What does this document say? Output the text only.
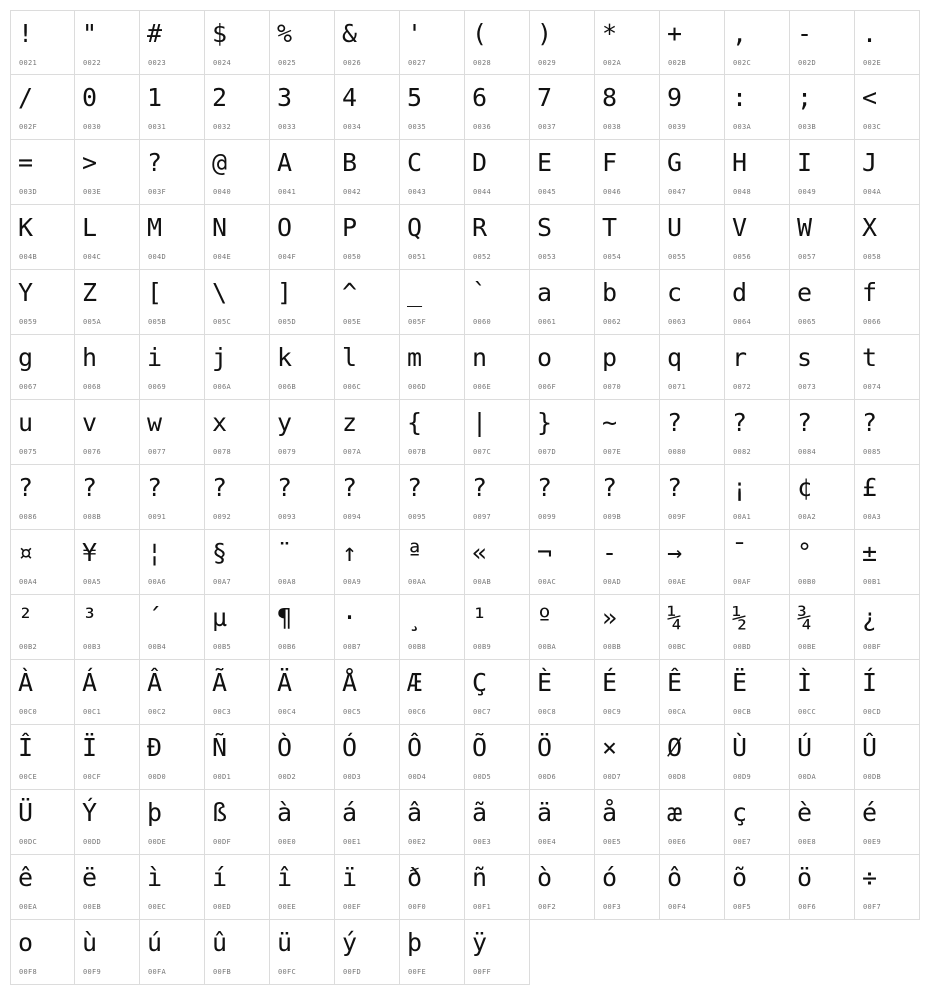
!
0021
"
0022
#
0023
$
0024
%
0025
&
0026
'
0027
(
0028
)
0029
*
002A
+
002B
,
002C
-
002D
.
002E
/
002F
0
0030
1
0031
2
0032
3
0033
4
0034
5
0035
6
0036
7
0037
8
0038
9
0039
:
003A
;
003B
<
003C
=
003D
>
003E
?
003F
@
0040
A
0041
B
0042
C
0043
D
0044
E
0045
F
0046
G
0047
H
0048
I
0049
J
004A
K
004B
L
004C
M
004D
N
004E
O
004F
P
0050
Q
0051
R
0052
S
0053
T
0054
U
0055
V
0056
W
0057
X
0058
Y
0059
Z
005A
[
005B
\
005C
]
005D
^
005E
_
005F
`
0060
a
0061
b
0062
c
0063
d
0064
e
0065
f
0066
g
0067
h
0068
i
0069
j
006A
k
006B
l
006C
m
006D
n
006E
o
006F
p
0070
q
0071
r
0072
s
0073
t
0074
u
0075
v
0076
w
0077
x
0078
y
0079
z
007A
{
007B
|
007C
}
007D
~
007E
?
0080
?
0082
?
0084
?
0085
?
0086
?
008B
?
0091
?
0092
?
0093
?
0094
?
0095
?
0097
?
0099
?
009B
?
009F
¡
00A1
¢
00A2
£
00A3
¤
00A4
¥
00A5
¦
00A6
§
00A7
¨
00A8
↑
00A9
ª
00AA
«
00AB
¬
00AC
-
00AD
→
00AE
¯
00AF
°
00B0
±
00B1
²
00B2
³
00B3
´
00B4
µ
00B5
¶
00B6
·
00B7
¸
00B8
¹
00B9
º
00BA
»
00BB
¼
00BC
½
00BD
¾
00BE
¿
00BF
À
00C0
Á
00C1
Â
00C2
Ã
00C3
Ä
00C4
Å
00C5
Æ
00C6
Ç
00C7
È
00C8
É
00C9
Ê
00CA
Ë
00CB
Ì
00CC
Í
00CD
Î
00CE
Ï
00CF
Ð
00D0
Ñ
00D1
Ò
00D2
Ó
00D3
Ô
00D4
Õ
00D5
Ö
00D6
×
00D7
Ø
00D8
Ù
00D9
Ú
00DA
Û
00DB
Ü
00DC
Ý
00DD
þ
00DE
ß
00DF
à
00E0
á
00E1
â
00E2
ã
00E3
ä
00E4
å
00E5
æ
00E6
ç
00E7
è
00E8
é
00E9
ê
00EA
ë
00EB
ì
00EC
í
00ED
î
00EE
ï
00EF
ð
00F0
ñ
00F1
ò
00F2
ó
00F3
ô
00F4
õ
00F5
ö
00F6
÷
00F7
o
00F8
ù
00F9
ú
00FA
û
00FB
ü
00FC
ý
00FD
þ
00FE
ÿ
00FF
